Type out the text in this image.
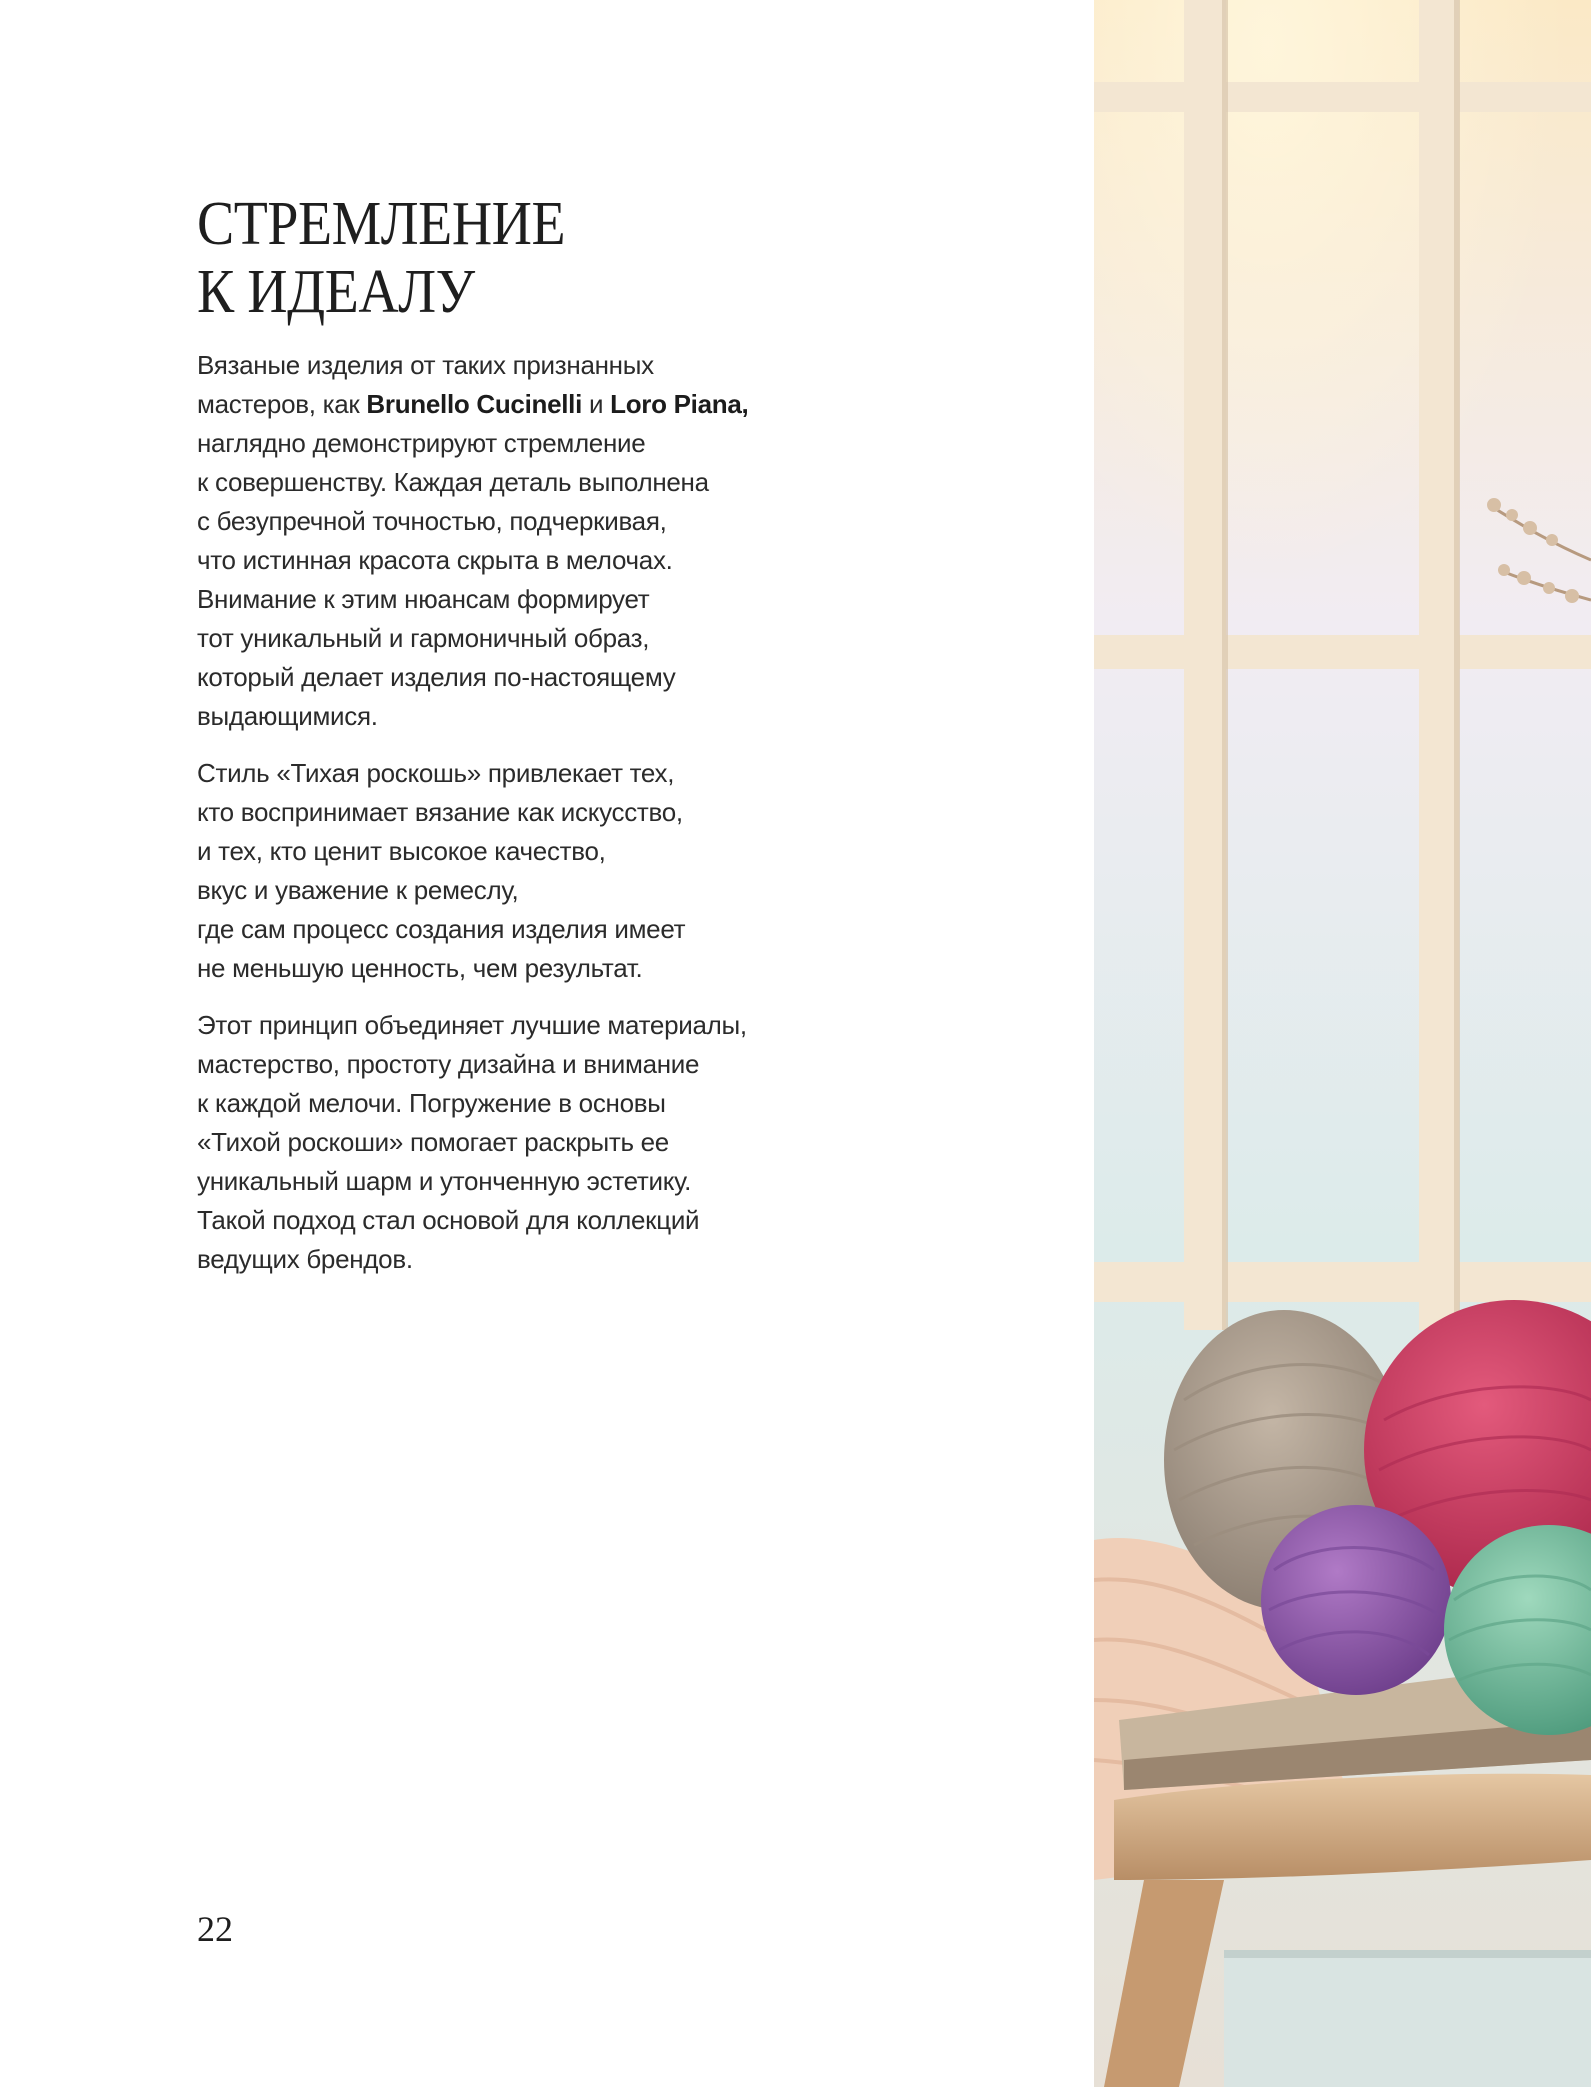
СТРЕМЛЕНИЕ
К ИДЕАЛУ

Вязаные изделия от таких признанных
мастеров, как Brunello Cucinelli и Loro Piana,
наглядно демонстрируют стремление
к совершенству. Каждая деталь выполнена
с безупречной точностью, подчеркивая,
что истинная красота скрыта в мелочах.
Внимание к этим нюансам формирует
тот уникальный и гармоничный образ,
который делает изделия по-настоящему
выдающимися.

Стиль «Тихая роскошь» привлекает тех,
кто воспринимает вязание как искусство,
и тех, кто ценит высокое качество,
вкус и уважение к ремеслу,
где сам процесс создания изделия имеет
не меньшую ценность, чем результат.

Этот принцип объединяет лучшие материалы,
мастерство, простоту дизайна и внимание
к каждой мелочи. Погружение в основы
«Тихой роскоши» помогает раскрыть ее
уникальный шарм и утонченную эстетику.
Такой подход стал основой для коллекций
ведущих брендов.

22
